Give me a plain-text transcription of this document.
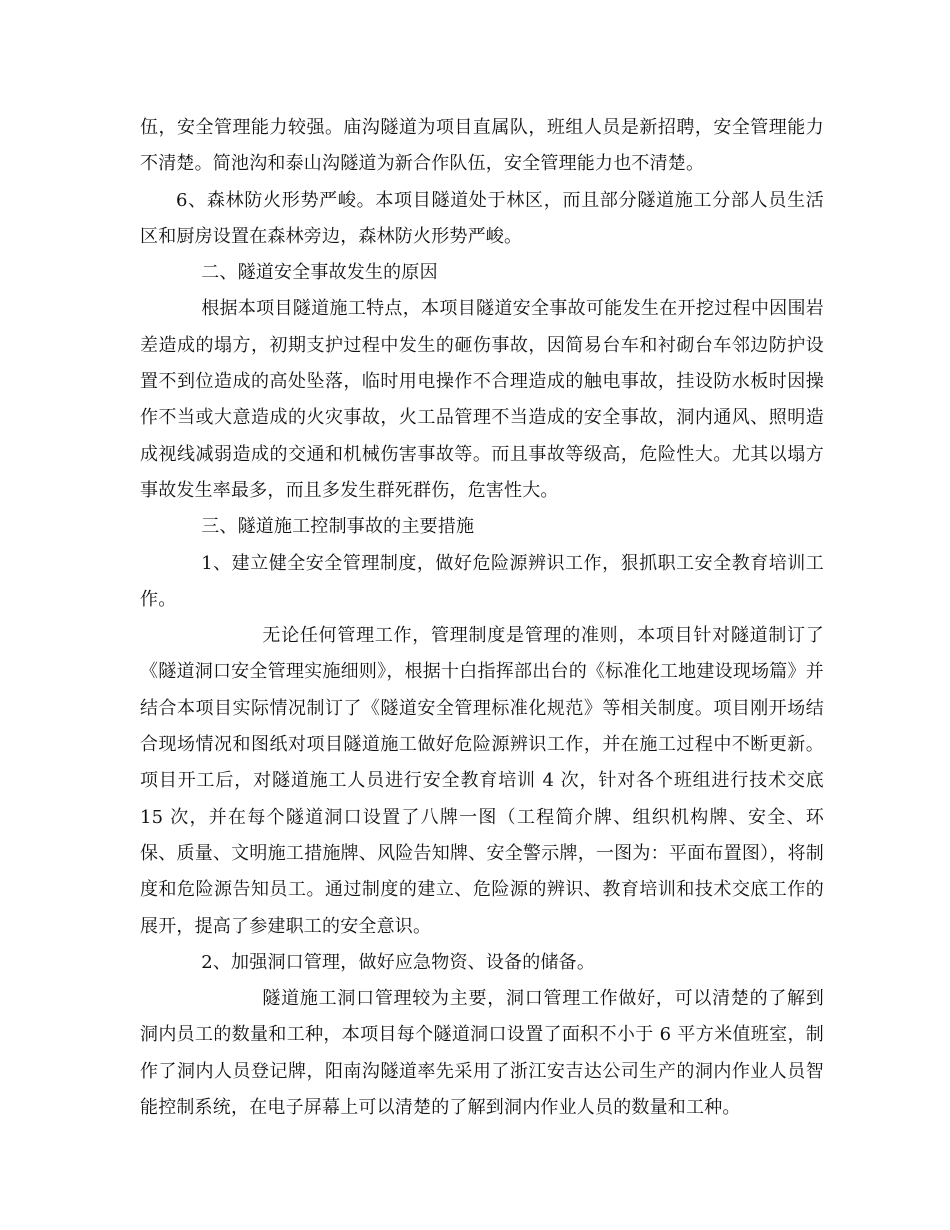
伍，安全管理能力较强。庙沟隧道为项目直属队，班组人员是新招聘，安全管理能力不清楚。简池沟和泰山沟隧道为新合作队伍，安全管理能力也不清楚。

6、森林防火形势严峻。本项目隧道处于林区，而且部分隧道施工分部人员生活区和厨房设置在森林旁边，森林防火形势严峻。

二、隧道安全事故发生的原因

根据本项目隧道施工特点，本项目隧道安全事故可能发生在开挖过程中因围岩差造成的塌方，初期支护过程中发生的砸伤事故，因简易台车和衬砌台车邻边防护设置不到位造成的高处坠落，临时用电操作不合理造成的触电事故，挂设防水板时因操作不当或大意造成的火灾事故，火工品管理不当造成的安全事故，洞内通风、照明造成视线减弱造成的交通和机械伤害事故等。而且事故等级高，危险性大。尤其以塌方事故发生率最多，而且多发生群死群伤，危害性大。

三、隧道施工控制事故的主要措施

1、建立健全安全管理制度，做好危险源辨识工作，狠抓职工安全教育培训工作。

无论任何管理工作，管理制度是管理的准则，本项目针对隧道制订了《隧道洞口安全管理实施细则》，根据十白指挥部出台的《标准化工地建设现场篇》并结合本项目实际情况制订了《隧道安全管理标准化规范》等相关制度。项目刚开场结合现场情况和图纸对项目隧道施工做好危险源辨识工作，并在施工过程中不断更新。项目开工后，对隧道施工人员进行安全教育培训 4 次，针对各个班组进行技术交底 15 次，并在每个隧道洞口设置了八牌一图（工程简介牌、组织机构牌、安全、环保、质量、文明施工措施牌、风险告知牌、安全警示牌，一图为：平面布置图），将制度和危险源告知员工。通过制度的建立、危险源的辨识、教育培训和技术交底工作的展开，提高了参建职工的安全意识。

2、加强洞口管理，做好应急物资、设备的储备。

隧道施工洞口管理较为主要，洞口管理工作做好，可以清楚的了解到洞内员工的数量和工种，本项目每个隧道洞口设置了面积不小于 6 平方米值班室，制作了洞内人员登记牌，阳南沟隧道率先采用了浙江安吉达公司生产的洞内作业人员智能控制系统，在电子屏幕上可以清楚的了解到洞内作业人员的数量和工种。
